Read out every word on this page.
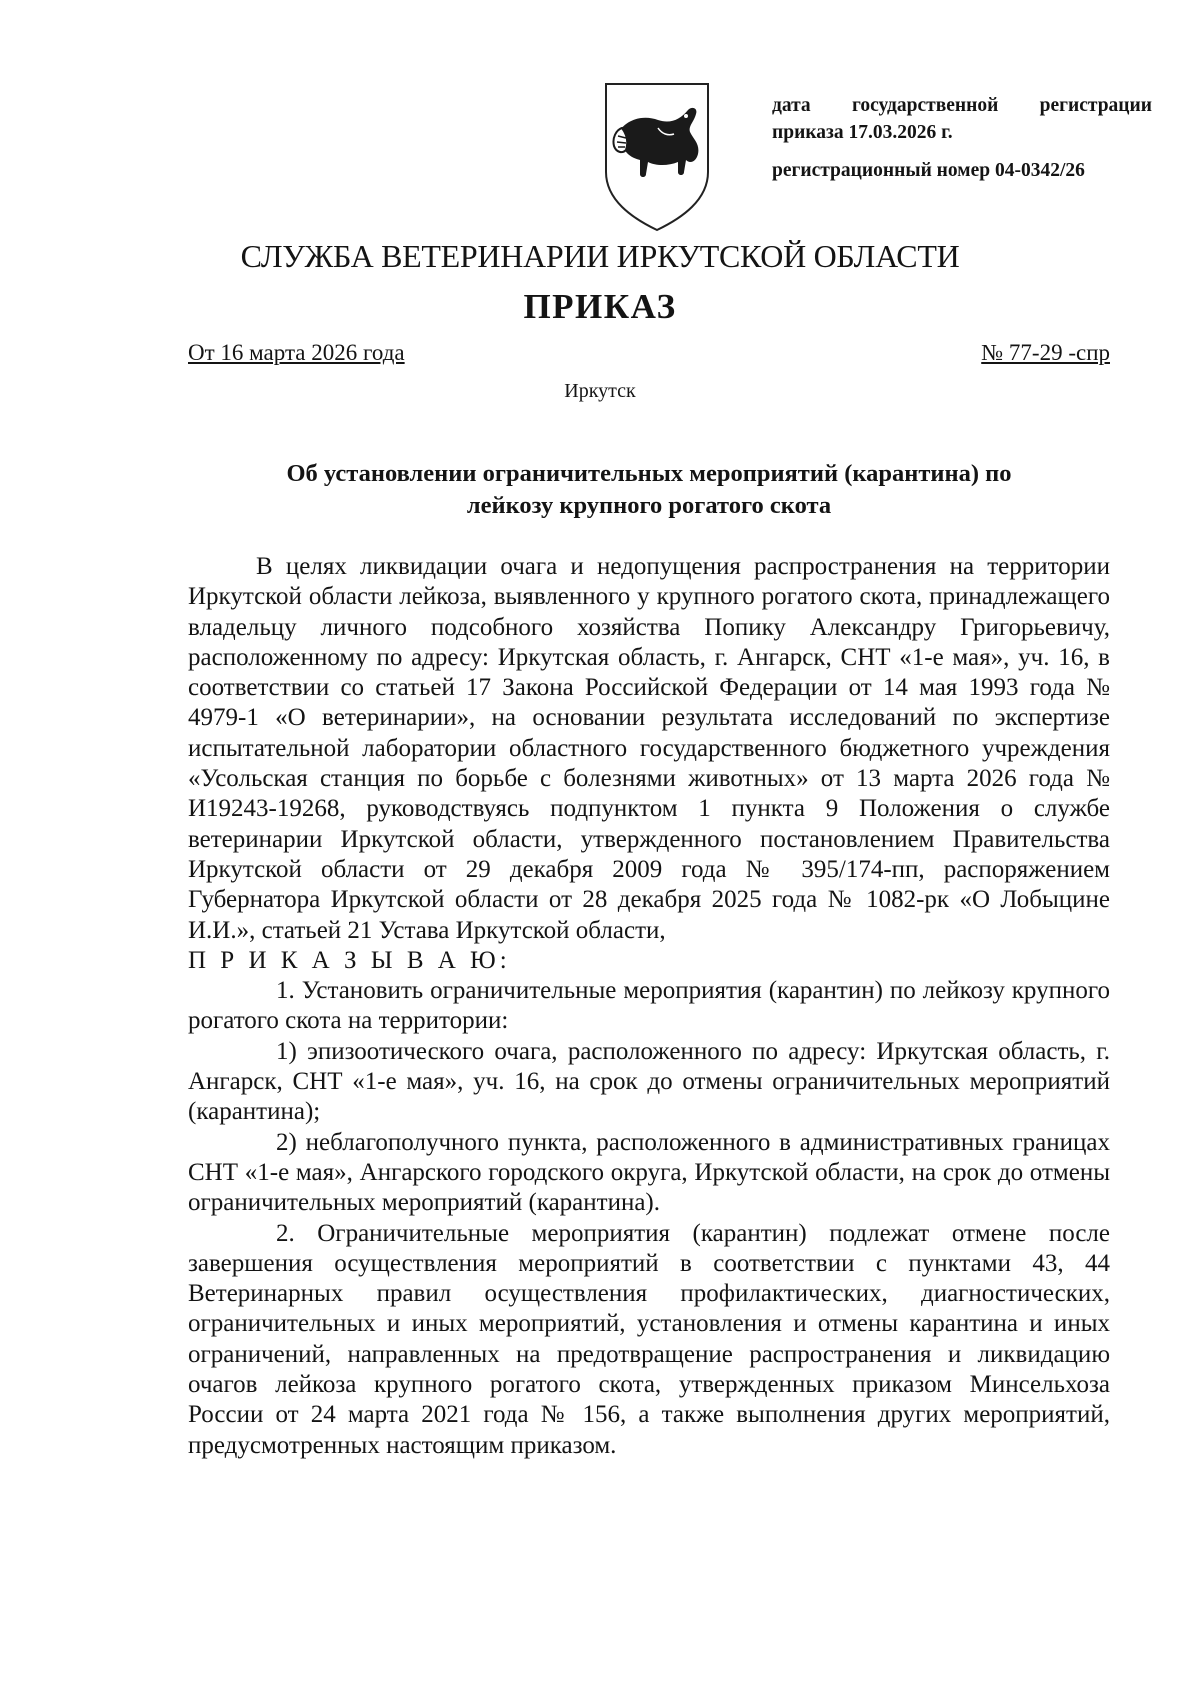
дата государственной регистрации
приказа 17.03.2026 г.
регистрационный номер 04-0342/26
СЛУЖБА ВЕТЕРИНАРИИ ИРКУТСКОЙ ОБЛАСТИ
ПРИКАЗ
От 16 марта 2026 года	№ 77-29 -спр
Иркутск
Об установлении ограничительных мероприятий (карантина) по
лейкозу крупного рогатого скота

В целях ликвидации очага и недопущения распространения на территории Иркутской области лейкоза, выявленного у крупного рогатого скота, принадлежащего владельцу личного подсобного хозяйства Попику Александру Григорьевичу, расположенному по адресу: Иркутская область, г. Ангарск, СНТ «1-е мая», уч. 16, в соответствии со статьей 17 Закона Российской Федерации от 14 мая 1993 года № 4979-1 «О ветеринарии», на основании результата исследований по экспертизе испытательной лаборатории областного государственного бюджетного учреждения «Усольская станция по борьбе с болезнями животных» от 13 марта 2026 года № И19243-19268, руководствуясь подпунктом 1 пункта 9 Положения о службе ветеринарии Иркутской области, утвержденного постановлением Правительства Иркутской области от 29 декабря 2009 года № 395/174-пп, распоряжением Губернатора Иркутской области от 28 декабря 2025 года № 1082-рк «О Лобыцине И.И.», статьей 21 Устава Иркутской области,

П Р И К А З Ы В А Ю:

1. Установить ограничительные мероприятия (карантин) по лейкозу крупного рогатого скота на территории:

1) эпизоотического очага, расположенного по адресу: Иркутская область, г. Ангарск, СНТ «1-е мая», уч. 16, на срок до отмены ограничительных мероприятий (карантина);

2) неблагополучного пункта, расположенного в административных границах СНТ «1-е мая», Ангарского городского округа, Иркутской области, на срок до отмены ограничительных мероприятий (карантина).

2. Ограничительные мероприятия (карантин) подлежат отмене после завершения осуществления мероприятий в соответствии с пунктами 43, 44 Ветеринарных правил осуществления профилактических, диагностических, ограничительных и иных мероприятий, установления и отмены карантина и иных ограничений, направленных на предотвращение распространения и ликвидацию очагов лейкоза крупного рогатого скота, утвержденных приказом Минсельхоза России от 24 марта 2021 года № 156, а также выполнения других мероприятий, предусмотренных настоящим приказом.
